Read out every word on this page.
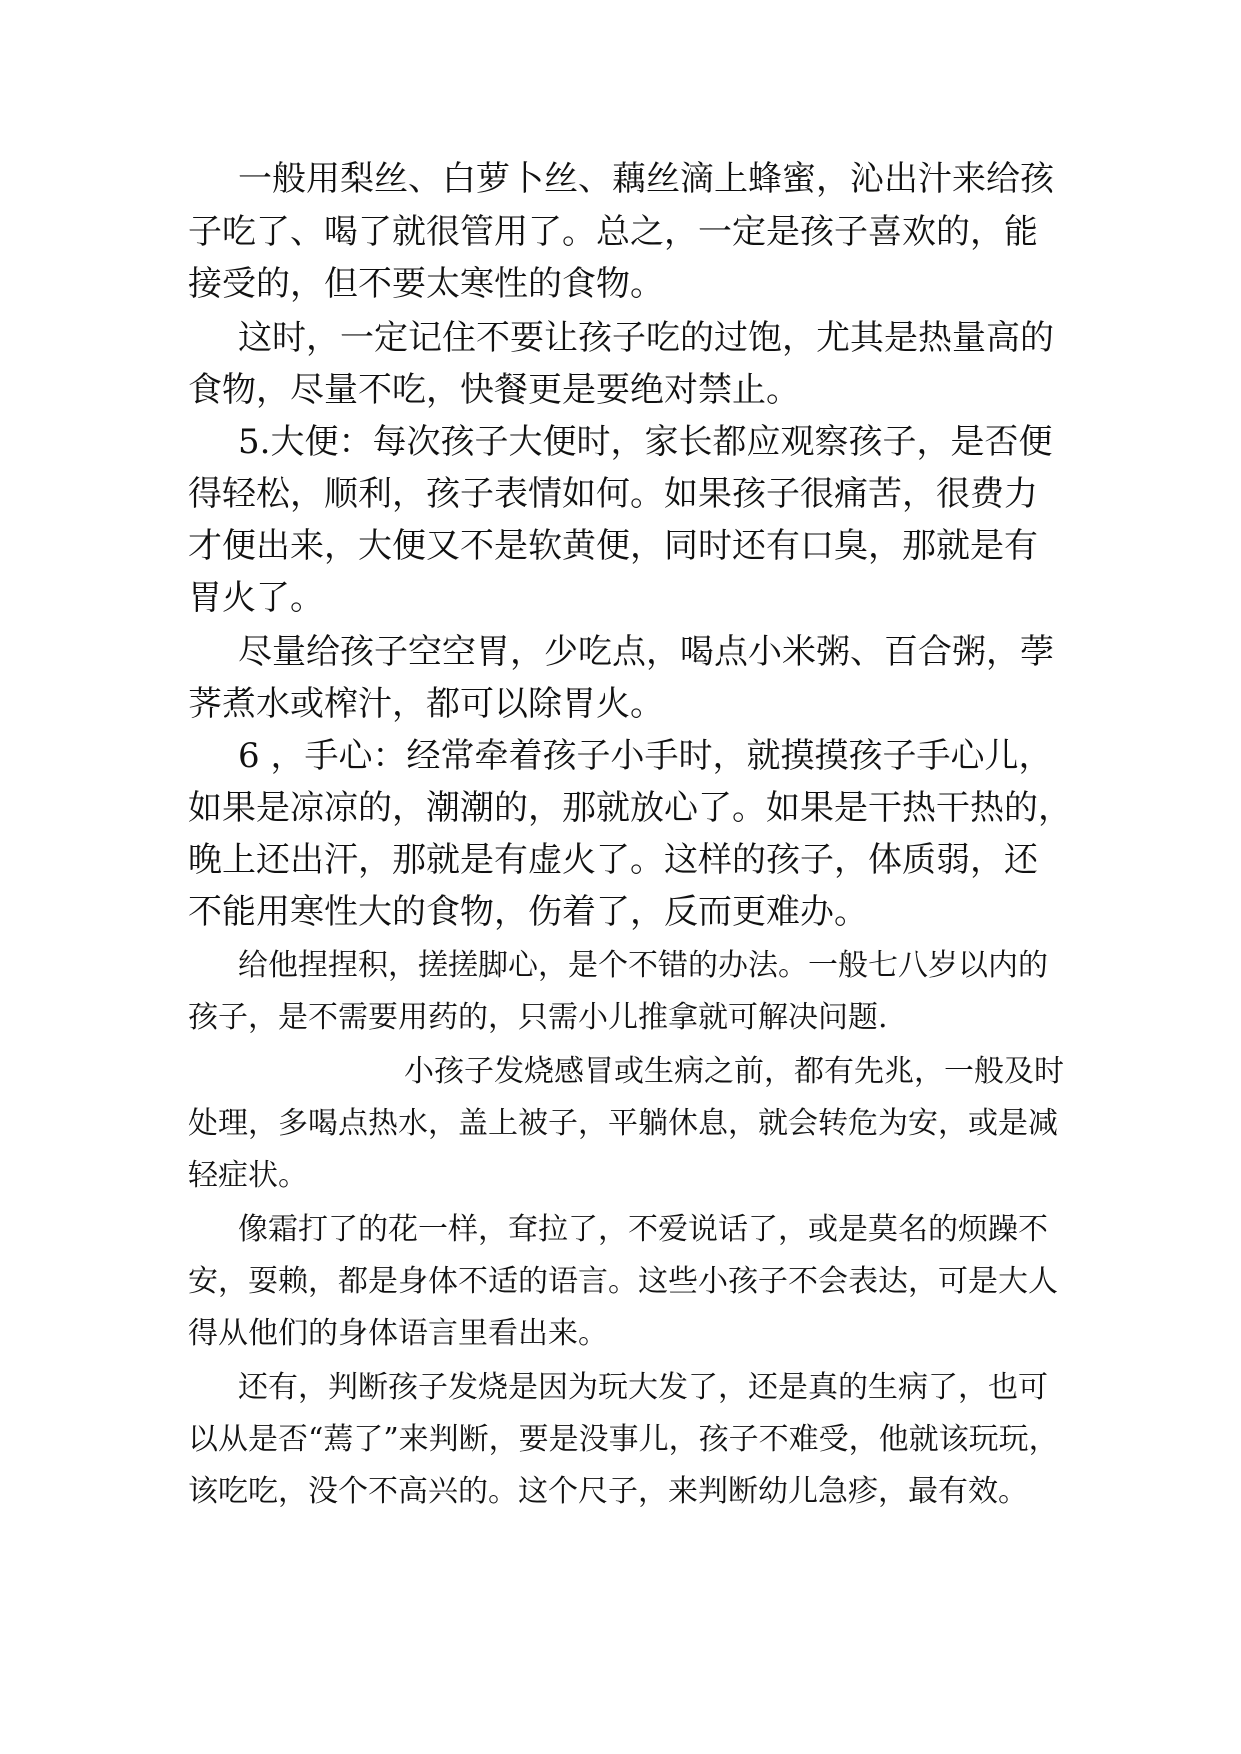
一般用梨丝、白萝卜丝、藕丝滴上蜂蜜，沁出汁来给孩
子吃了、喝了就很管用了。总之，一定是孩子喜欢的，能
接受的，但不要太寒性的食物。
这时，一定记住不要让孩子吃的过饱，尤其是热量高的
食物，尽量不吃，快餐更是要绝对禁止。
5.大便：每次孩子大便时，家长都应观察孩子，是否便
得轻松，顺利，孩子表情如何。如果孩子很痛苦，很费力
才便出来，大便又不是软黄便，同时还有口臭，那就是有
胃火了。
尽量给孩子空空胃，少吃点，喝点小米粥、百合粥，荸
荠煮水或榨汁，都可以除胃火。
6 ，手心：经常牵着孩子小手时，就摸摸孩子手心儿，
如果是凉凉的，潮潮的，那就放心了。如果是干热干热的，
晚上还出汗，那就是有虚火了。这样的孩子，体质弱，还
不能用寒性大的食物，伤着了，反而更难办。
给他捏捏积，搓搓脚心，是个不错的办法。一般七八岁以内的
孩子，是不需要用药的，只需小儿推拿就可解决问题.
小孩子发烧感冒或生病之前，都有先兆，一般及时
处理，多喝点热水，盖上被子，平躺休息，就会转危为安，或是减
轻症状。
像霜打了的花一样，耷拉了，不爱说话了，或是莫名的烦躁不
安，耍赖，都是身体不适的语言。这些小孩子不会表达，可是大人
得从他们的身体语言里看出来。
还有，判断孩子发烧是因为玩大发了，还是真的生病了，也可
以从是否“蔫了”来判断，要是没事儿，孩子不难受，他就该玩玩，
该吃吃，没个不高兴的。这个尺子，来判断幼儿急疹，最有效。
